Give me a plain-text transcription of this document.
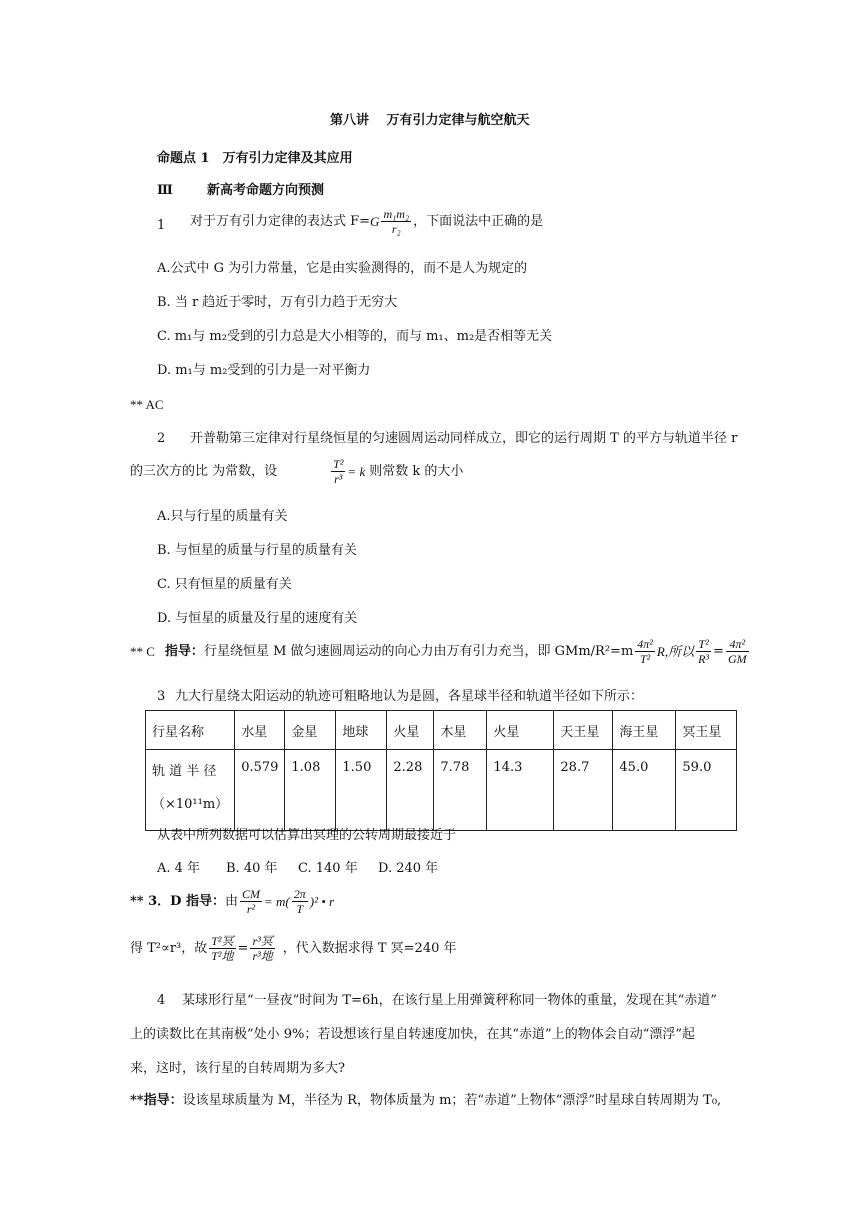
第八讲　 万有引力定律与航空航天
命题点 1　万有引力定律及其应用
Ⅲ	新高考命题方向预测
1 对于万有引力定律的表达式 F= G $\frac{\text{m₁m₂}}{\text{r₂}}$ ，下面说法中正确的是
A.公式中 G 为引力常量，它是由实验测得的，而不是人为规定的
B. 当 r 趋近于零时，万有引力趋于无穷大
C. m₁与 m₂受到的引力总是大小相等的，而与 m₁、m₂是否相等无关
D. m₁与 m₂受到的引力是一对平衡力
** AC
2 开普勒第三定律对行星绕恒星的匀速圆周运动同样成立，即它的运行周期 T 的平方与轨道半径 r
的三次方的比 为常数，设	$\frac{\text{T²}}{\text{r³}} = k$ 则常数 k 的大小
A.只与行星的质量有关
B. 与恒星的质量与行星的质量有关
C. 只有恒星的质量有关
D. 与恒星的质量及行星的速度有关
** C 指导： 行星绕恒星 M 做匀速圆周运动的向心力由万有引力充当，即 $GMm/R^2=m \frac{\text{4π²}}{\text{T²}} R$,所以 $\frac{\text{T²}}{\text{R³}} = \frac{\text{4π²}}{GM}$
3 九大行星绕太阳运动的轨迹可粗略地认为是圆，各星球半径和轨道半径如下所示：
行星名称	水星	金星	地球	火星	木星	火星	天王星	海王星	冥王星

轨 道 半 径
（×10¹¹m）	0.579	1.08	1.50	2.28	7.78	14.3	28.7	45.0	59.0
从表中所列数据可以估算出冥理的公转周期最接近于
A. 4 年 B. 40 年 C. 140 年 D. 240 年
** 3．D 指导： 由 $\frac{CM}{\text{r²}} = m( \frac{2\pi}{T} )^2$ • r
得 T²∝r³，故 $\frac{\text{T²冥}}{\text{T²地}} = \frac{\text{r³冥}}{\text{r³地}}$ ，代入数据求得 T 冥=240 年
4 某球形行星“一昼夜”时间为 T=6h，在该行星上用弹簧秤称同一物体的重量，发现在其“赤道”
上的读数比在其南极”处小 9%；若设想该行星自转速度加快，在其“赤道”上的物体会自动“漂浮”起
来，这时，该行星的自转周期为多大?
**指导：设该星球质量为 M，半径为 R，物体质量为 m；若“赤道”上物体“漂浮”时星球自转周期为 T₀,
